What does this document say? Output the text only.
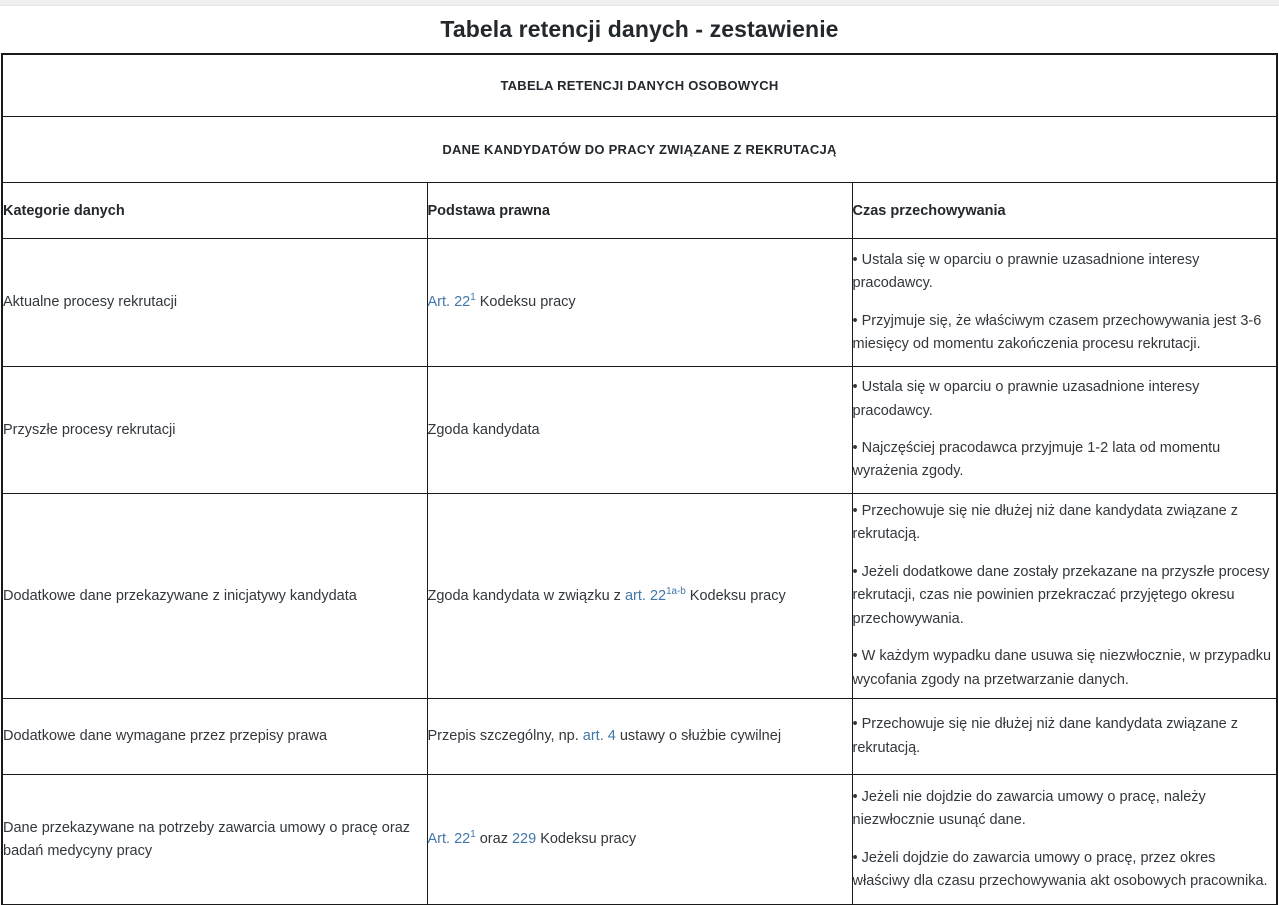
Tabela retencji danych - zestawienie
TABELA RETENCJI DANYCH OSOBOWYCH		
DANE KANDYDATÓW DO PRACY ZWIĄZANE Z REKRUTACJĄ		
Kategorie danych	Podstawa prawna	Czas przechowywania
Aktualne procesy rekrutacji	Art. 22$^1$ Kodeksu pracy	• Ustala się w oparciu o prawnie uzasadnione interesy pracodawcy.

• Przyjmuje się, że właściwym czasem przechowywania jest 3-6 miesięcy od momentu zakończenia procesu rekrutacji.

Przyszłe procesy rekrutacji	Zgoda kandydata	• Ustala się w oparciu o prawnie uzasadnione interesy pracodawcy.

• Najczęściej pracodawca przyjmuje 1-2 lata od momentu wyrażenia zgody.

Dodatkowe dane przekazywane z inicjatywy kandydata	Zgoda kandydata w związku z art. 22$^{1a-b}$ Kodeksu pracy	• Przechowuje się nie dłużej niż dane kandydata związane z rekrutacją.

• Jeżeli dodatkowe dane zostały przekazane na przyszłe procesy rekrutacji, czas nie powinien przekraczać przyjętego okresu przechowywania.

• W każdym wypadku dane usuwa się niezwłocznie, w przypadku wycofania zgody na przetwarzanie danych.

Dodatkowe dane wymagane przez przepisy prawa	Przepis szczególny, np. art. 4 ustawy o służbie cywilnej	• Przechowuje się nie dłużej niż dane kandydata związane z rekrutacją.

Dane przekazywane na potrzeby zawarcia umowy o pracę oraz badań medycyny pracy	Art. 22$^1$ oraz 229 Kodeksu pracy	• Jeżeli nie dojdzie do zawarcia umowy o pracę, należy niezwłocznie usunąć dane.

• Jeżeli dojdzie do zawarcia umowy o pracę, przez okres właściwy dla czasu przechowywania akt osobowych pracownika.
